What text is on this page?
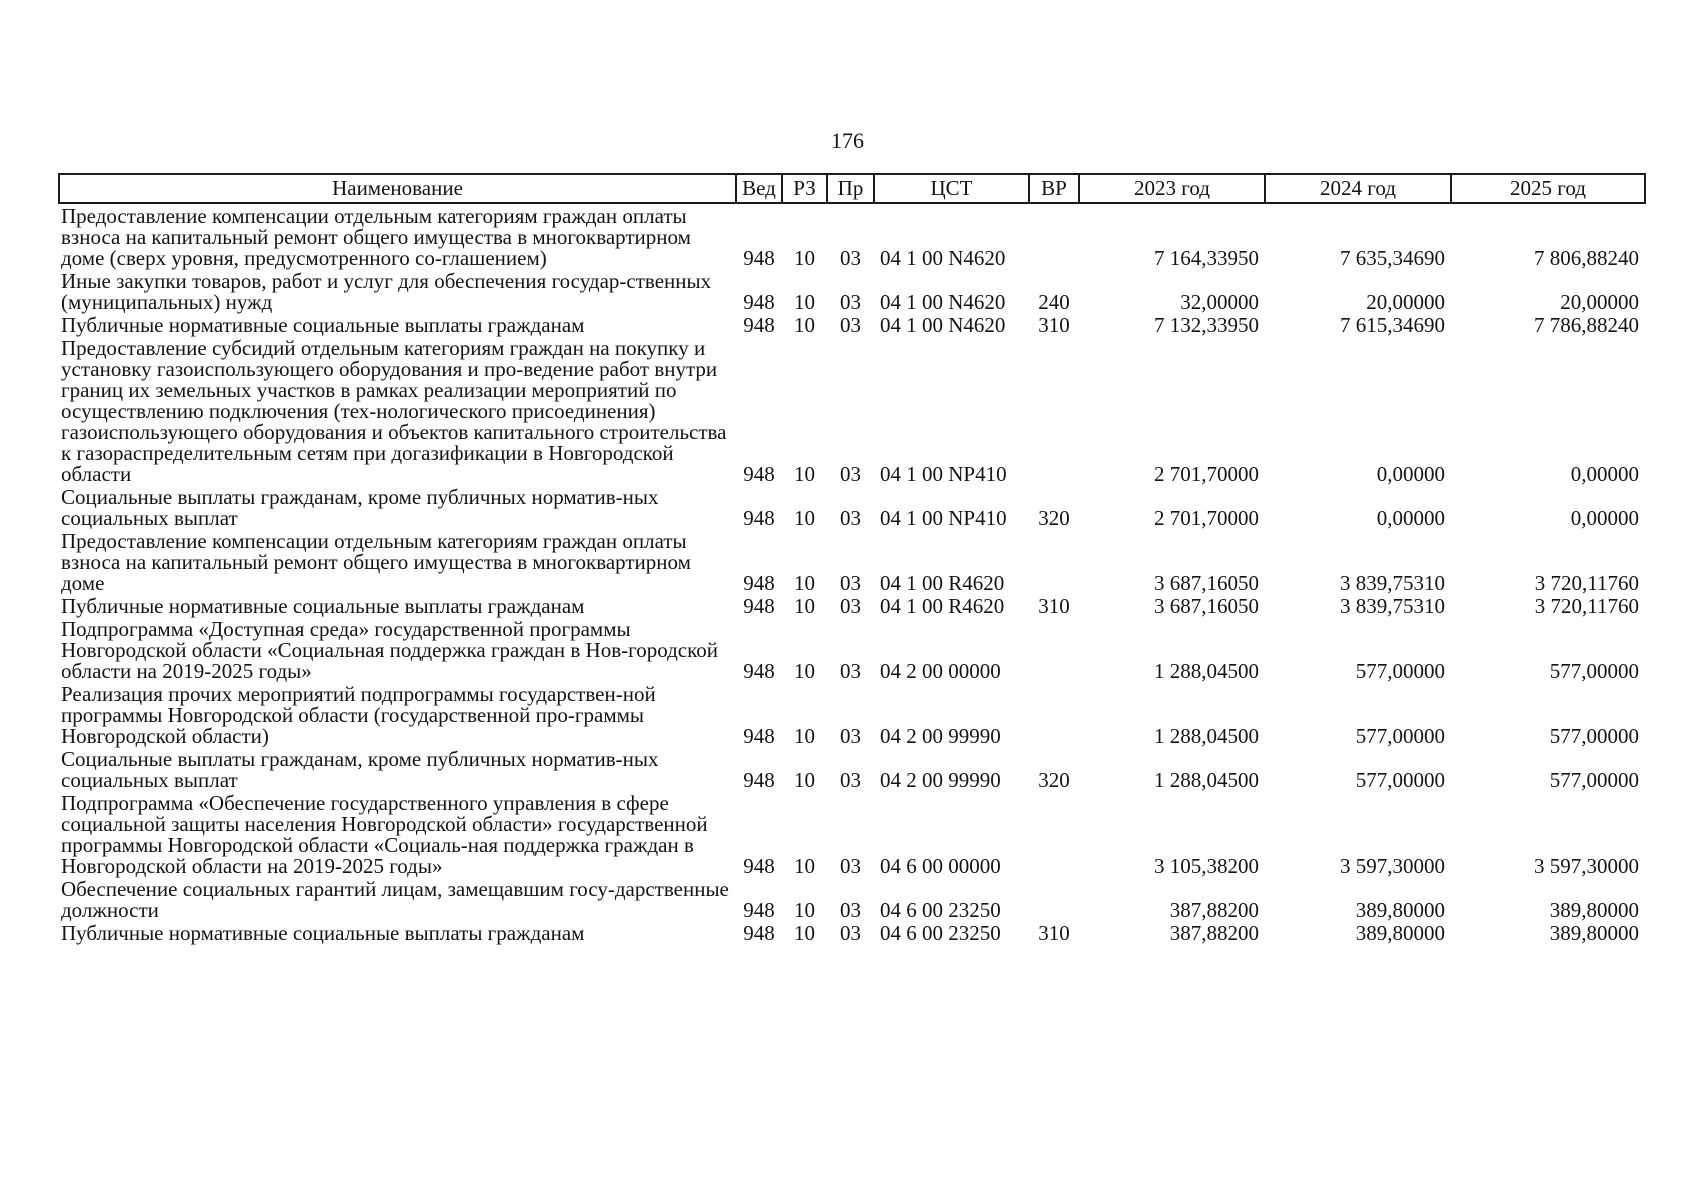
176
Наименование	Вед	РЗ	Пр	ЦСТ	ВР	2023 год	2024 год	2025 год
Предоставление компенсации отдельным категориям граждан оплаты взноса на капитальный ремонт общего имущества в многоквартирном доме (сверх уровня, предусмотренного со-глашением)	948	10	03	04 1 00 N4620		7 164,33950	7 635,34690	7 806,88240
Иные закупки товаров, работ и услуг для обеспечения государ-ственных (муниципальных) нужд	948	10	03	04 1 00 N4620	240	32,00000	20,00000	20,00000
Публичные нормативные социальные выплаты гражданам	948	10	03	04 1 00 N4620	310	7 132,33950	7 615,34690	7 786,88240
Предоставление субсидий отдельным категориям граждан на покупку и установку газоиспользующего оборудования и про-ведение работ внутри границ их земельных участков в рамках реализации мероприятий по осуществлению подключения (тех-нологического присоединения) газоиспользующего оборудования и объектов капитального строительства к газораспределительным сетям при догазификации в Новгородской области	948	10	03	04 1 00 NP410		2 701,70000	0,00000	0,00000
Социальные выплаты гражданам, кроме публичных норматив-ных социальных выплат	948	10	03	04 1 00 NP410	320	2 701,70000	0,00000	0,00000
Предоставление компенсации отдельным категориям граждан оплаты взноса на капитальный ремонт общего имущества в многоквартирном доме	948	10	03	04 1 00 R4620		3 687,16050	3 839,75310	3 720,11760
Публичные нормативные социальные выплаты гражданам	948	10	03	04 1 00 R4620	310	3 687,16050	3 839,75310	3 720,11760
Подпрограмма «Доступная среда» государственной программы Новгородской области «Социальная поддержка граждан в Нов-городской области на 2019-2025 годы»	948	10	03	04 2 00 00000		1 288,04500	577,00000	577,00000
Реализация прочих мероприятий подпрограммы государствен-ной программы Новгородской области (государственной про-граммы Новгородской области)	948	10	03	04 2 00 99990		1 288,04500	577,00000	577,00000
Социальные выплаты гражданам, кроме публичных норматив-ных социальных выплат	948	10	03	04 2 00 99990	320	1 288,04500	577,00000	577,00000
Подпрограмма «Обеспечение государственного управления в сфере социальной защиты населения Новгородской области» государственной программы Новгородской области «Социаль-ная поддержка граждан в Новгородской области на 2019-2025 годы»	948	10	03	04 6 00 00000		3 105,38200	3 597,30000	3 597,30000
Обеспечение социальных гарантий лицам, замещавшим госу-дарственные должности	948	10	03	04 6 00 23250		387,88200	389,80000	389,80000
Публичные нормативные социальные выплаты гражданам	948	10	03	04 6 00 23250	310	387,88200	389,80000	389,80000
